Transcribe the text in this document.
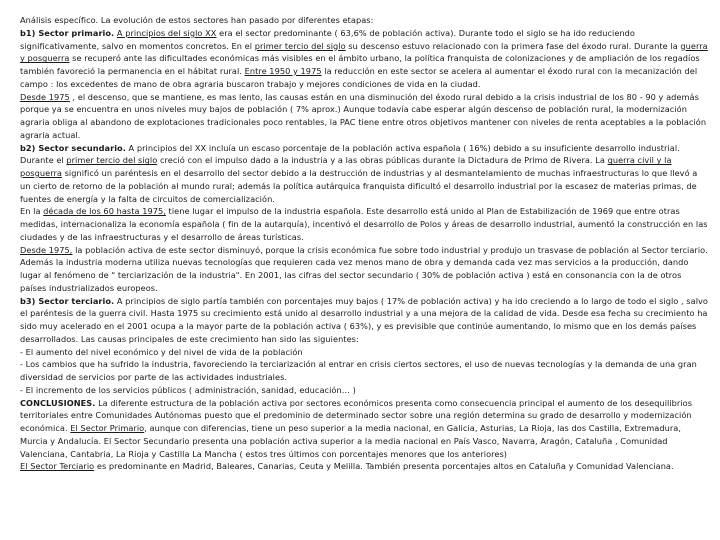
Análisis específico. La evolución de estos sectores han pasado por diferentes etapas:

b1) Sector primario. A principios del siglo XX era el sector predominante ( 63,6% de población activa). Durante todo el siglo se ha ido reduciendo significativamente, salvo en momentos concretos. En el primer tercio del siglo su descenso estuvo relacionado con la primera fase del éxodo rural. Durante la guerra y posguerra se recuperó ante las dificultades económicas más visibles en el ámbito urbano, la política franquista de colonizaciones y de ampliación de los regadíos también favoreció la permanencia en el hábitat rural. Entre 1950 y 1975 la reducción en este sector se acelera al aumentar el éxodo rural con la mecanización del campo : los excedentes de mano de obra agraria buscaron trabajo y mejores condiciones de vida en la ciudad.

Desde 1975 , el descenso, que se mantiene, es mas lento, las causas están en una disminución del éxodo rural debido a la crisis industrial de los 80 - 90 y además porque ya se encuentra en unos niveles muy bajos de población ( 7% aprox.) Aunque todavía cabe esperar algún descenso de población rural, la modernización agraria obliga al abandono de explotaciones tradicionales poco rentables, la PAC tiene entre otros objetivos mantener con niveles de renta aceptables a la población agraria actual.

b2) Sector secundario. A principios del XX incluía un escaso porcentaje de la población activa española ( 16%) debido a su insuficiente desarrollo industrial. Durante el primer tercio del siglo creció con el impulso dado a la industria y a las obras públicas durante la Dictadura de Primo de Rivera. La guerra civil y la posguerra significó un paréntesis en el desarrollo del sector debido a la destrucción de industrias y al desmantelamiento de muchas infraestructuras lo que llevó a un cierto de retorno de la población al mundo rural; además la política autárquica franquista dificultó el desarrollo industrial por la escasez de materias primas, de fuentes de energía y la falta de circuitos de comercialización.

En la década de los 60 hasta 1975, tiene lugar el impulso de la industria española. Este desarrollo está unido al Plan de Estabilización de 1969 que entre otras medidas, internacionaliza la economía española ( fin de la autarquía), incentivó el desarrollo de Polos y áreas de desarrollo industrial, aumentó la construcción en las ciudades y de las infraestructuras y el desarrollo de áreas turísticas.

Desde 1975, la población activa de este sector disminuyó, porque la crisis económica fue sobre todo industrial y produjo un trasvase de población al Sector terciario. Además la industria moderna utiliza nuevas tecnologías que requieren cada vez menos mano de obra y demanda cada vez mas servicios a la producción, dando lugar al fenómeno de " terciarización de la industria". En 2001, las cifras del sector secundario ( 30% de población activa ) está en consonancia con la de otros países industrializados europeos.

b3) Sector terciario. A principios de siglo partía también con porcentajes muy bajos ( 17% de población activa) y ha ido creciendo a lo largo de todo el siglo , salvo el paréntesis de la guerra civil. Hasta 1975 su crecimiento está unido al desarrollo industrial y a una mejora de la calidad de vida. Desde esa fecha su crecimiento ha sido muy acelerado en el 2001 ocupa a la mayor parte de la población activa ( 63%), y es previsible que continúe aumentando, lo mismo que en los demás países desarrollados. Las causas principales de este crecimiento han sido las siguientes:

- El aumento del nivel económico y del nivel de vida de la población

- Los cambios que ha sufrido la industria, favoreciendo la terciarización al entrar en crisis ciertos sectores, el uso de nuevas tecnologías y la demanda de una gran diversidad de servicios por parte de las actividades industriales.

- El incremento de los servicios públicos ( administración, sanidad, educación… )

CONCLUSIONES. La diferente estructura de la población activa por sectores económicos presenta como consecuencia principal el aumento de los desequilibrios territoriales entre Comunidades Autónomas puesto que el predominio de determinado sector sobre una región determina su grado de desarrollo y modernización económica. El Sector Primario, aunque con diferencias, tiene un peso superior a la media nacional, en Galicia, Asturias, La Rioja, las dos Castilla, Extremadura, Murcia y Andalucía. El Sector Secundario presenta una población activa superior a la media nacional en País Vasco, Navarra, Aragón, Cataluña , Comunidad Valenciana, Cantabria, La Rioja y Castilla La Mancha ( estos tres últimos con porcentajes menores que los anteriores)

El Sector Terciario es predominante en Madrid, Baleares, Canarias, Ceuta y Melilla. También presenta porcentajes altos en Cataluña y Comunidad Valenciana.
